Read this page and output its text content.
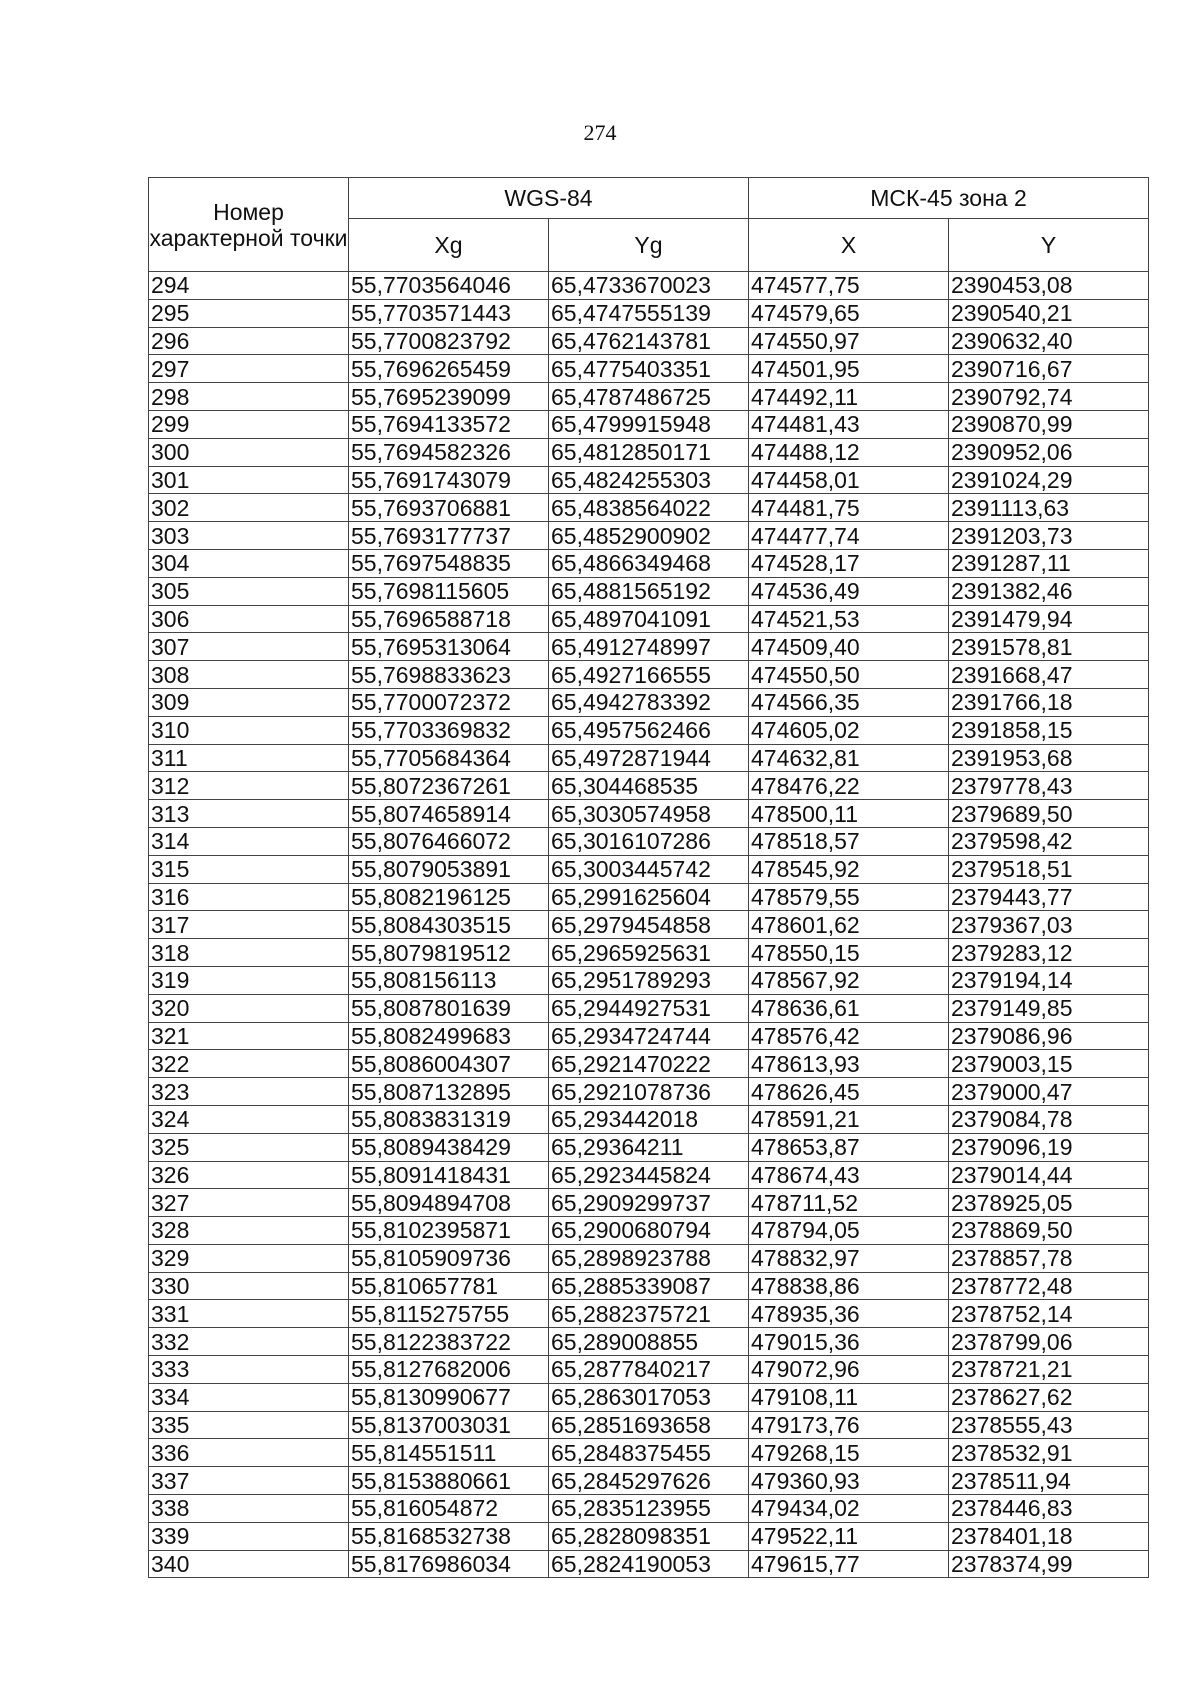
274
Номер характерной точки	WGS-84		МСК-45 зона 2	
	Xg	Yg	X	Y
294	55,7703564046	65,4733670023	474577,75	2390453,08
295	55,7703571443	65,4747555139	474579,65	2390540,21
296	55,7700823792	65,4762143781	474550,97	2390632,40
297	55,7696265459	65,4775403351	474501,95	2390716,67
298	55,7695239099	65,4787486725	474492,11	2390792,74
299	55,7694133572	65,4799915948	474481,43	2390870,99
300	55,7694582326	65,4812850171	474488,12	2390952,06
301	55,7691743079	65,4824255303	474458,01	2391024,29
302	55,7693706881	65,4838564022	474481,75	2391113,63
303	55,7693177737	65,4852900902	474477,74	2391203,73
304	55,7697548835	65,4866349468	474528,17	2391287,11
305	55,7698115605	65,4881565192	474536,49	2391382,46
306	55,7696588718	65,4897041091	474521,53	2391479,94
307	55,7695313064	65,4912748997	474509,40	2391578,81
308	55,7698833623	65,4927166555	474550,50	2391668,47
309	55,7700072372	65,4942783392	474566,35	2391766,18
310	55,7703369832	65,4957562466	474605,02	2391858,15
311	55,7705684364	65,4972871944	474632,81	2391953,68
312	55,8072367261	65,304468535	478476,22	2379778,43
313	55,8074658914	65,3030574958	478500,11	2379689,50
314	55,8076466072	65,3016107286	478518,57	2379598,42
315	55,8079053891	65,3003445742	478545,92	2379518,51
316	55,8082196125	65,2991625604	478579,55	2379443,77
317	55,8084303515	65,2979454858	478601,62	2379367,03
318	55,8079819512	65,2965925631	478550,15	2379283,12
319	55,808156113	65,2951789293	478567,92	2379194,14
320	55,8087801639	65,2944927531	478636,61	2379149,85
321	55,8082499683	65,2934724744	478576,42	2379086,96
322	55,8086004307	65,2921470222	478613,93	2379003,15
323	55,8087132895	65,2921078736	478626,45	2379000,47
324	55,8083831319	65,293442018	478591,21	2379084,78
325	55,8089438429	65,29364211	478653,87	2379096,19
326	55,8091418431	65,2923445824	478674,43	2379014,44
327	55,8094894708	65,2909299737	478711,52	2378925,05
328	55,8102395871	65,2900680794	478794,05	2378869,50
329	55,8105909736	65,2898923788	478832,97	2378857,78
330	55,810657781	65,2885339087	478838,86	2378772,48
331	55,8115275755	65,2882375721	478935,36	2378752,14
332	55,8122383722	65,289008855	479015,36	2378799,06
333	55,8127682006	65,2877840217	479072,96	2378721,21
334	55,8130990677	65,2863017053	479108,11	2378627,62
335	55,8137003031	65,2851693658	479173,76	2378555,43
336	55,814551511	65,2848375455	479268,15	2378532,91
337	55,8153880661	65,2845297626	479360,93	2378511,94
338	55,816054872	65,2835123955	479434,02	2378446,83
339	55,8168532738	65,2828098351	479522,11	2378401,18
340	55,8176986034	65,2824190053	479615,77	2378374,99
